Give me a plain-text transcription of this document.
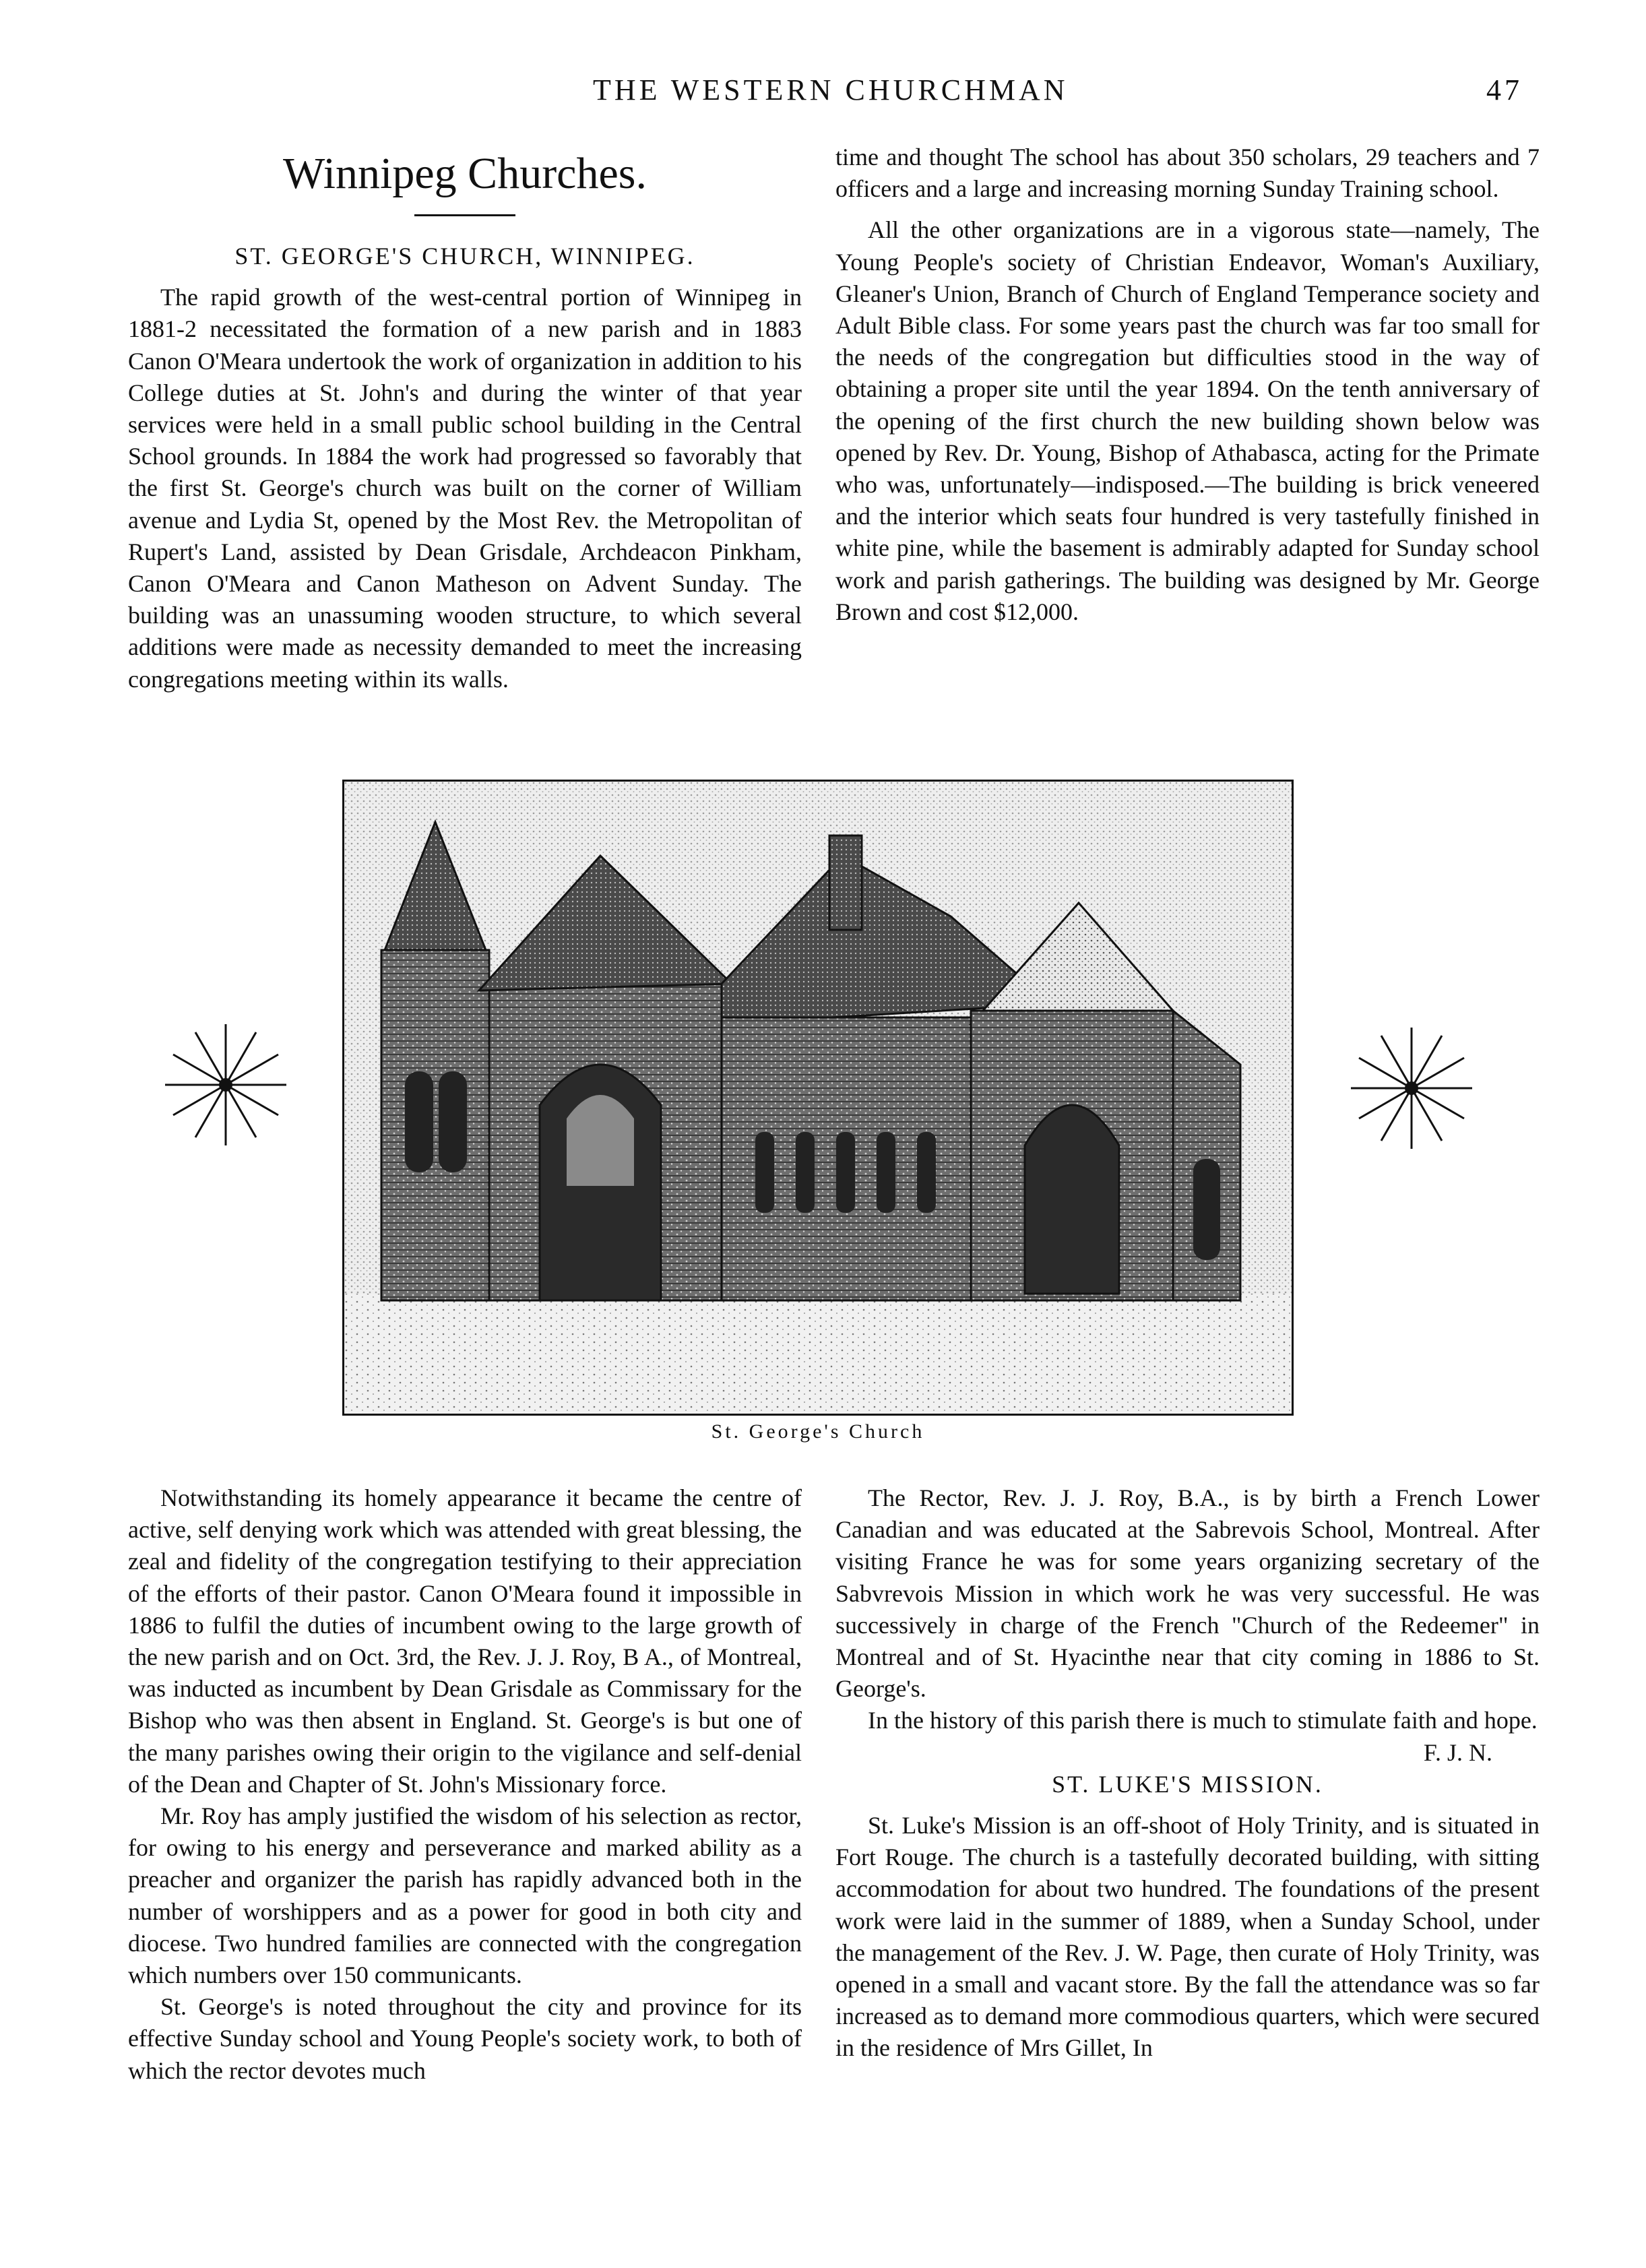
THE WESTERN CHURCHMAN	47
Winnipeg Churches.
ST. GEORGE'S CHURCH, WINNIPEG.

The rapid growth of the west-central portion of Winnipeg in 1881-2 necessitated the formation of a new parish and in 1883 Canon O'Meara undertook the work of organization in addition to his College duties at St. John's and during the winter of that year services were held in a small public school building in the Central School grounds. In 1884 the work had progressed so favorably that the first St. George's church was built on the corner of William avenue and Lydia St, opened by the Most Rev. the Metropolitan of Rupert's Land, assisted by Dean Grisdale, Archdeacon Pinkham, Canon O'Meara and Canon Matheson on Advent Sunday. The building was an unassuming wooden structure, to which several additions were made as necessity demanded to meet the increasing congregations meeting within its walls.

time and thought The school has about 350 scholars, 29 teachers and 7 officers and a large and increasing morning Sunday Training school.

All the other organizations are in a vigorous state—namely, The Young People's society of Christian Endeavor, Woman's Auxiliary, Gleaner's Union, Branch of Church of England Temperance society and Adult Bible class. For some years past the church was far too small for the needs of the congregation but difficulties stood in the way of obtaining a proper site until the year 1894. On the tenth anniversary of the opening of the first church the new building shown below was opened by Rev. Dr. Young, Bishop of Athabasca, acting for the Primate who was, unfortunately—indisposed.—The building is brick veneered and the interior which seats four hundred is very tastefully finished in white pine, while the basement is admirably adapted for Sunday school work and parish gatherings. The building was designed by Mr. George Brown and cost $12,000.

St. George's Church

Notwithstanding its homely appearance it became the centre of active, self denying work which was attended with great blessing, the zeal and fidelity of the congregation testifying to their appreciation of the efforts of their pastor. Canon O'Meara found it impossible in 1886 to fulfil the duties of incumbent owing to the large growth of the new parish and on Oct. 3rd, the Rev. J. J. Roy, B A., of Montreal, was inducted as incumbent by Dean Grisdale as Commissary for the Bishop who was then absent in England. St. George's is but one of the many parishes owing their origin to the vigilance and self-denial of the Dean and Chapter of St. John's Missionary force.

Mr. Roy has amply justified the wisdom of his selection as rector, for owing to his energy and perseverance and marked ability as a preacher and organizer the parish has rapidly advanced both in the number of worshippers and as a power for good in both city and diocese. Two hundred families are connected with the congregation which numbers over 150 communicants.

St. George's is noted throughout the city and province for its effective Sunday school and Young People's society work, to both of which the rector devotes much

The Rector, Rev. J. J. Roy, B.A., is by birth a French Lower Canadian and was educated at the Sabrevois School, Montreal. After visiting France he was for some years organizing secretary of the Sabvrevois Mission in which work he was very successful. He was successively in charge of the French "Church of the Redeemer" in Montreal and of St. Hyacinthe near that city coming in 1886 to St. George's.

In the history of this parish there is much to stimulate faith and hope.

F. J. N.

ST. LUKE'S MISSION.

St. Luke's Mission is an off-shoot of Holy Trinity, and is situated in Fort Rouge. The church is a tastefully decorated building, with sitting accommodation for about two hundred. The foundations of the present work were laid in the summer of 1889, when a Sunday School, under the management of the Rev. J. W. Page, then curate of Holy Trinity, was opened in a small and vacant store. By the fall the attendance was so far increased as to demand more commodious quarters, which were secured in the residence of Mrs Gillet, In
